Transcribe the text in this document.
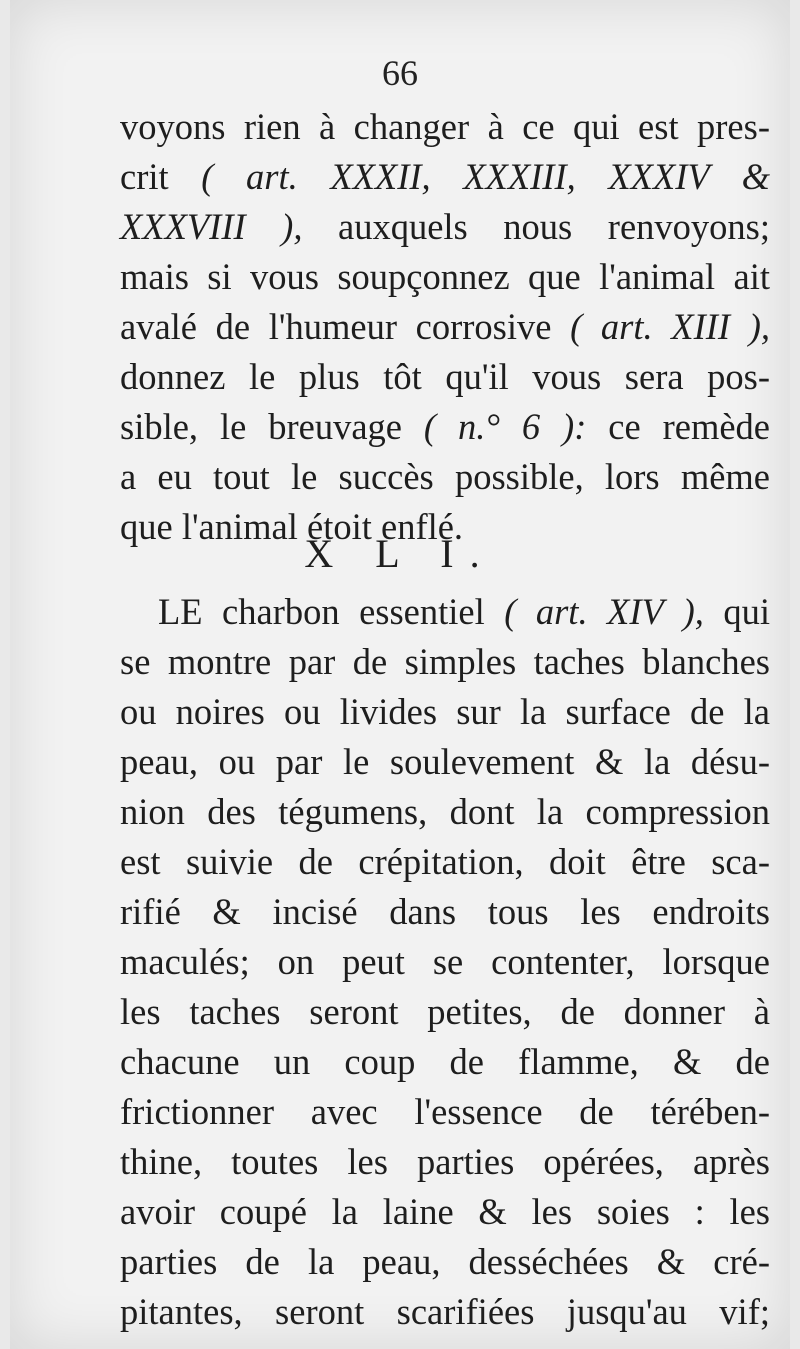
66
voyons rien à changer à ce qui est pres-
crit ( art. XXXII, XXXIII, XXXIV &
XXXVIII ), auxquels nous renvoyons;
mais si vous soupçonnez que l'animal ait
avalé de l'humeur corrosive ( art. XIII ),
donnez le plus tôt qu'il vous sera pos-
sible, le breuvage ( n.° 6 ): ce remède
a eu tout le succès possible, lors même
que l'animal étoit enflé.
X L I.
LE charbon essentiel ( art. XIV ), qui
se montre par de simples taches blanches
ou noires ou livides sur la surface de la
peau, ou par le soulevement & la désu-
nion des tégumens, dont la compression
est suivie de crépitation, doit être sca-
rifié & incisé dans tous les endroits
maculés; on peut se contenter, lorsque
les taches seront petites, de donner à
chacune un coup de flamme, & de
frictionner avec l'essence de térében-
thine, toutes les parties opérées, après
avoir coupé la laine & les soies : les
parties de la peau, desséchées & cré-
pitantes, seront scarifiées jusqu'au vif;
